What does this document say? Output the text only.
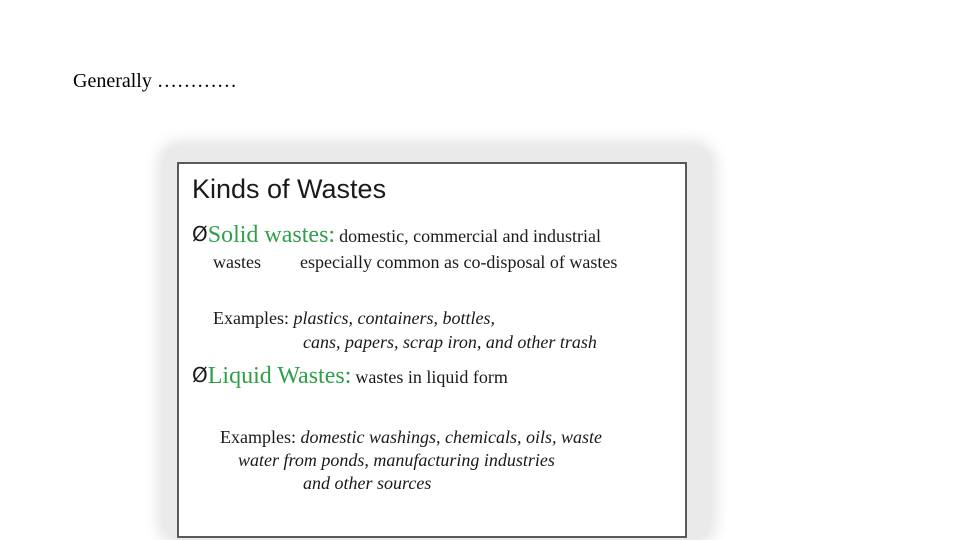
Generally …………
Kinds of Wastes
ØSolid wastes: domestic, commercial and industrial
wastes especially common as co-disposal of wastes
Examples: plastics, containers, bottles,
cans, papers, scrap iron, and other trash
ØLiquid Wastes: wastes in liquid form
Examples: domestic washings, chemicals, oils, waste
water from ponds, manufacturing industries
and other sources
